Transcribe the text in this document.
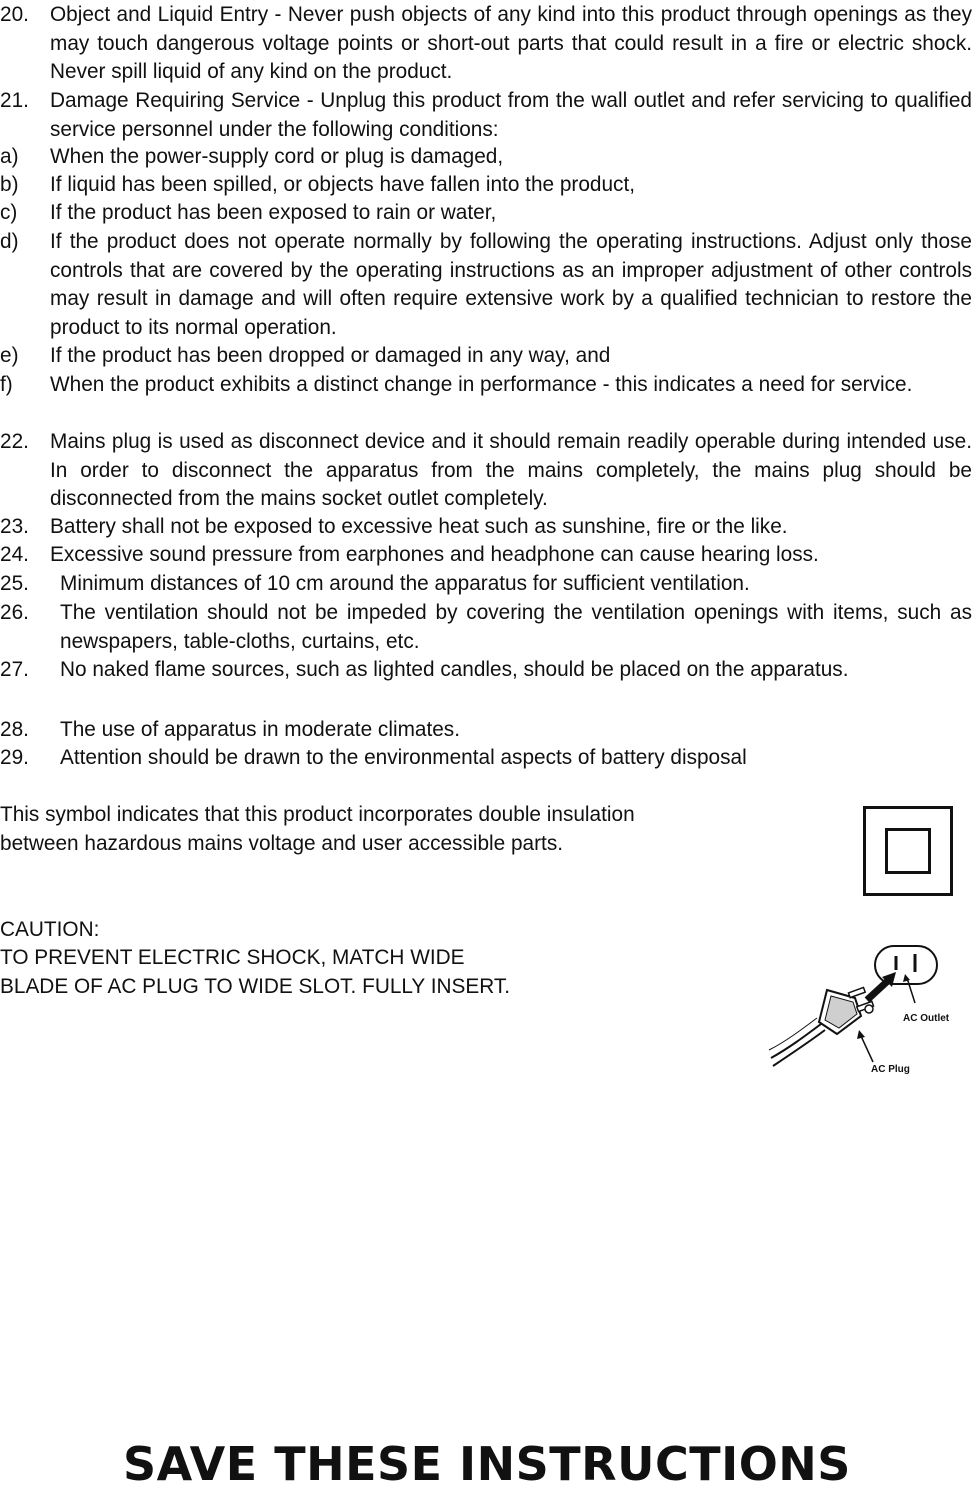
20. Object and Liquid Entry - Never push objects of any kind into this product through openings as they may touch dangerous voltage points or short-out parts that could result in a fire or electric shock. Never spill liquid of any kind on the product.
21. Damage Requiring Service - Unplug this product from the wall outlet and refer servicing to qualified service personnel under the following conditions:
a) When the power-supply cord or plug is damaged,
b) If liquid has been spilled, or objects have fallen into the product,
c) If the product has been exposed to rain or water,
d) If the product does not operate normally by following the operating instructions. Adjust only those controls that are covered by the operating instructions as an improper adjustment of other controls may result in damage and will often require extensive work by a qualified technician to restore the product to its normal operation.
e) If the product has been dropped or damaged in any way, and
f) When the product exhibits a distinct change in performance - this indicates a need for service.
22. Mains plug is used as disconnect device and it should remain readily operable during intended use. In order to disconnect the apparatus from the mains completely, the mains plug should be disconnected from the mains socket outlet completely.
23. Battery shall not be exposed to excessive heat such as sunshine, fire or the like.
24. Excessive sound pressure from earphones and headphone can cause hearing loss.
25. Minimum distances of 10 cm around the apparatus for sufficient ventilation.
26. The ventilation should not be impeded by covering the ventilation openings with items, such as newspapers, table-cloths, curtains, etc.
27. No naked flame sources, such as lighted candles, should be placed on the apparatus.
28. The use of apparatus in moderate climates.
29. Attention should be drawn to the environmental aspects of battery disposal
This symbol indicates that this product incorporates double insulation
between hazardous mains voltage and user accessible parts.
CAUTION:
TO PREVENT ELECTRIC SHOCK, MATCH WIDE
BLADE OF AC PLUG TO WIDE SLOT. FULLY INSERT.
AC Outlet
AC Plug
SAVE THESE INSTRUCTIONS
